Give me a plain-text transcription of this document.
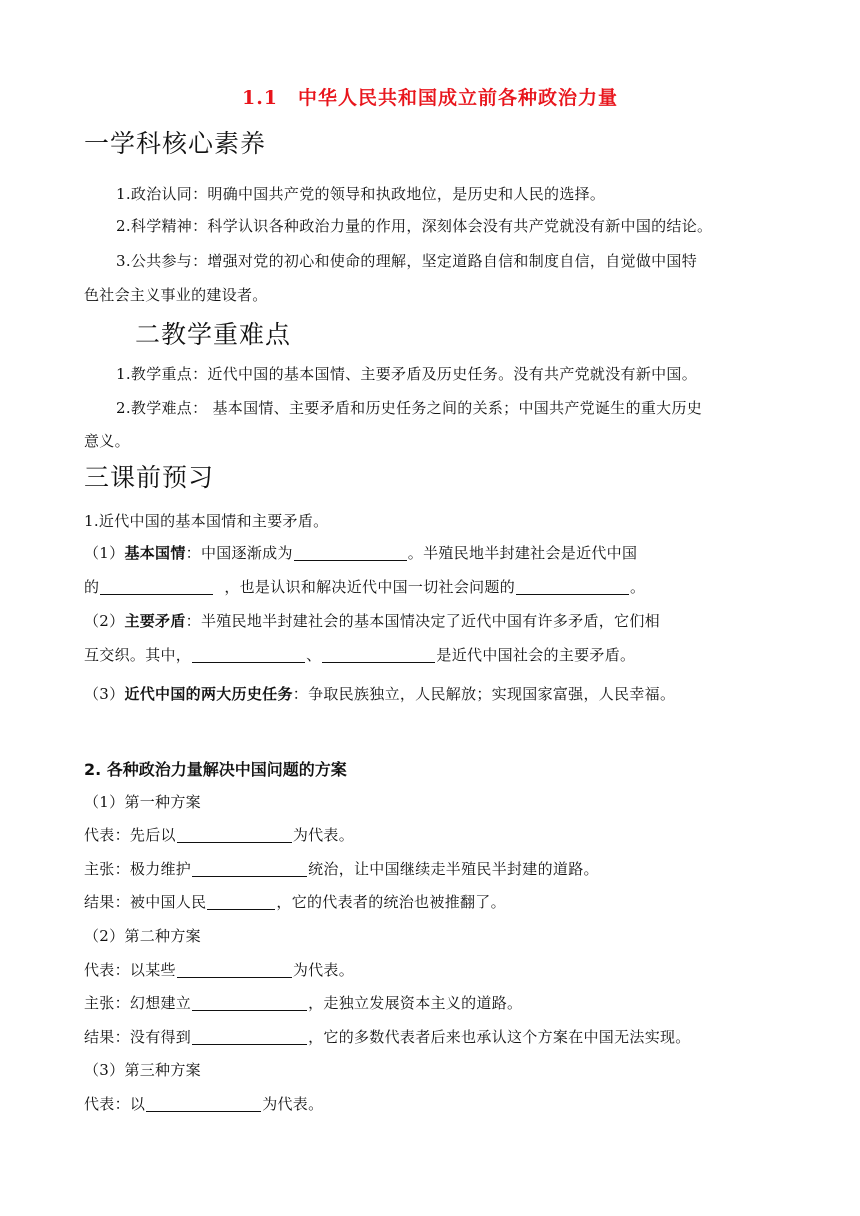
1.1　中华人民共和国成立前各种政治力量
一学科核心素养
1.政治认同：明确中国共产党的领导和执政地位，是历史和人民的选择。
2.科学精神：科学认识各种政治力量的作用，深刻体会没有共产党就没有新中国的结论。
3.公共参与：增强对党的初心和使命的理解，坚定道路自信和制度自信，自觉做中国特
色社会主义事业的建设者。
二教学重难点
1.教学重点：近代中国的基本国情、主要矛盾及历史任务。没有共产党就没有新中国。
2.教学难点： 基本国情、主要矛盾和历史任务之间的关系；中国共产党诞生的重大历史
意义。
三课前预习
1.近代中国的基本国情和主要矛盾。
（1）基本国情：中国逐渐成为	。半殖民地半封建社会是近代中国
的	，也是认识和解决近代中国一切社会问题的	。
（2）主要矛盾：半殖民地半封建社会的基本国情决定了近代中国有许多矛盾，它们相
互交织。其中，	、	是近代中国社会的主要矛盾。
（3）近代中国的两大历史任务：争取民族独立，人民解放；实现国家富强，人民幸福。
2. 各种政治力量解决中国问题的方案
（1）第一种方案
代表：先后以	为代表。
主张：极力维护	统治，让中国继续走半殖民半封建的道路。
结果：被中国人民	，它的代表者的统治也被推翻了。
（2）第二种方案
代表：以某些	为代表。
主张：幻想建立	，走独立发展资本主义的道路。
结果：没有得到	，它的多数代表者后来也承认这个方案在中国无法实现。
（3）第三种方案
代表：以	为代表。
